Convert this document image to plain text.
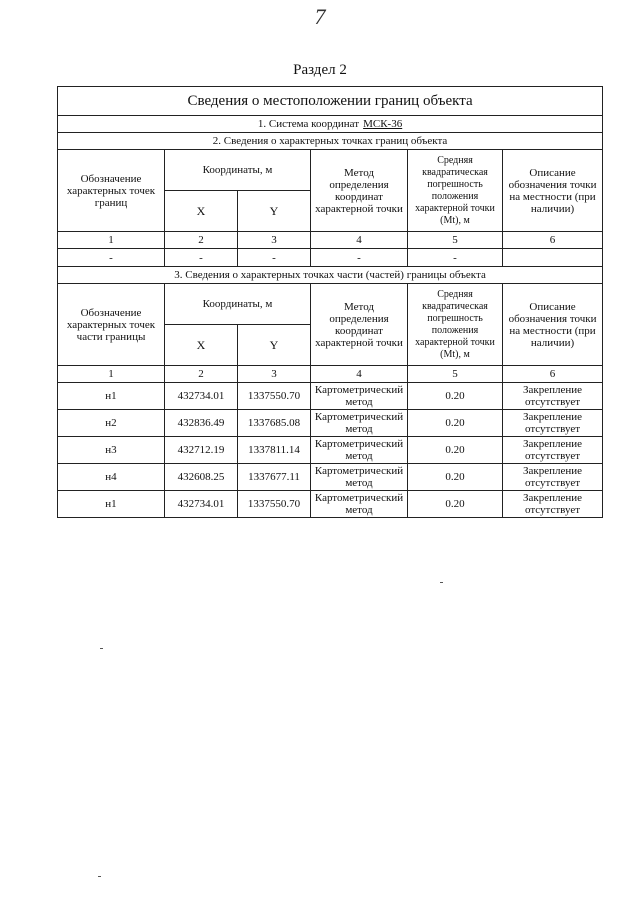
7
Раздел 2
Сведения о местоположении границ объекта					
1. Система координат МСК-36					
2. Сведения о характерных точках границ объекта					
Обозначение характерных точек границ	Координаты, м		Метод определения координат характерной точки	Средняя квадратическая погрешность положения характерной точки (Mt), м	Описание обозначения точки на местности (при наличии)
	X	Y			
1	2	3	4	5	6
-	-	-	-	-	
3. Сведения о характерных точках части (частей) границы объекта					
Обозначение характерных точек части границы	Координаты, м		Метод определения координат характерной точки	Средняя квадратическая погрешность положения характерной точки (Mt), м	Описание обозначения точки на местности (при наличии)
	X	Y			
1	2	3	4	5	6
н1	432734.01	1337550.70	Картометрический метод	0.20	Закрепление отсутствует
н2	432836.49	1337685.08	Картометрический метод	0.20	Закрепление отсутствует
н3	432712.19	1337811.14	Картометрический метод	0.20	Закрепление отсутствует
н4	432608.25	1337677.11	Картометрический метод	0.20	Закрепление отсутствует
н1	432734.01	1337550.70	Картометрический метод	0.20	Закрепление отсутствует
